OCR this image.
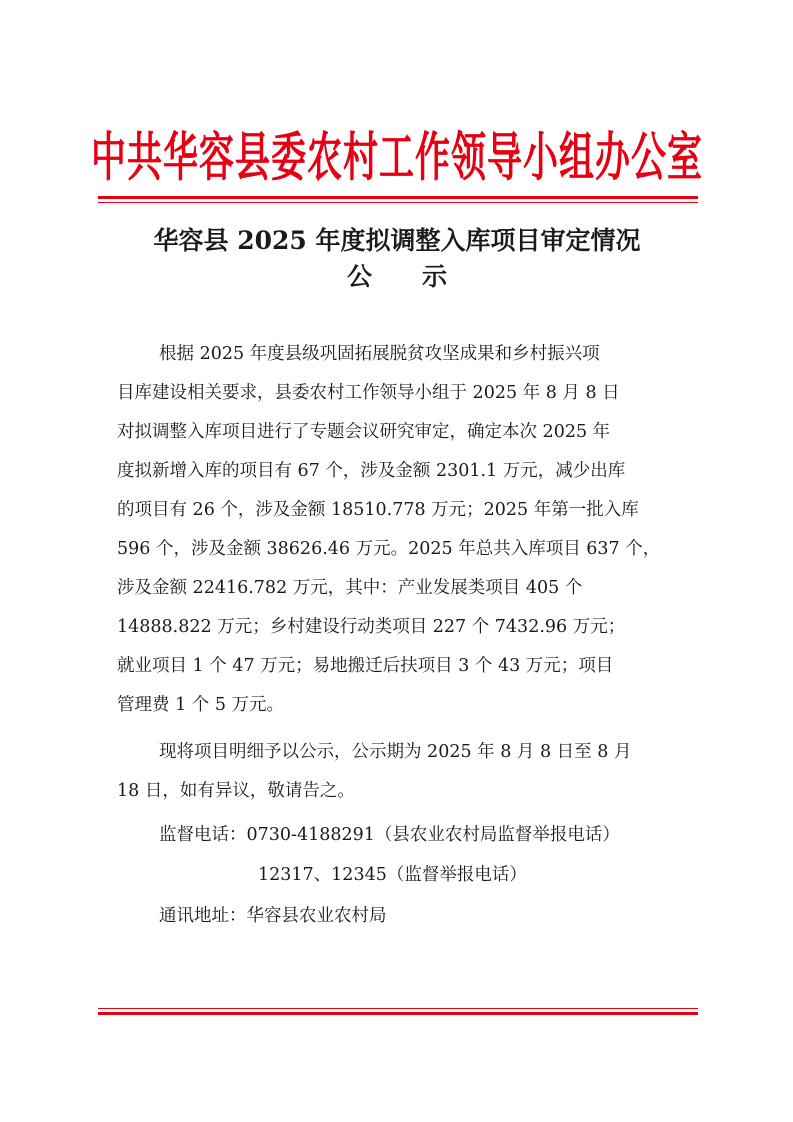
中共华容县委农村工作领导小组办公室
华容县 2025 年度拟调整入库项目审定情况
公示
根据 2025 年度县级巩固拓展脱贫攻坚成果和乡村振兴项
目库建设相关要求，县委农村工作领导小组于 2025 年 8 月 8 日
对拟调整入库项目进行了专题会议研究审定，确定本次 2025 年
度拟新增入库的项目有 67 个，涉及金额 2301.1 万元，减少出库
的项目有 26 个，涉及金额 18510.778 万元；2025 年第一批入库
596 个，涉及金额 38626.46 万元。2025 年总共入库项目 637 个，
涉及金额 22416.782 万元，其中：产业发展类项目 405 个
14888.822 万元；乡村建设行动类项目 227 个 7432.96 万元；
就业项目 1 个 47 万元；易地搬迁后扶项目 3 个 43 万元；项目
管理费 1 个 5 万元。
现将项目明细予以公示，公示期为 2025 年 8 月 8 日至 8 月
18 日，如有异议，敬请告之。
监督电话：0730-4188291（县农业农村局监督举报电话）
12317、12345（监督举报电话）
通讯地址：华容县农业农村局
